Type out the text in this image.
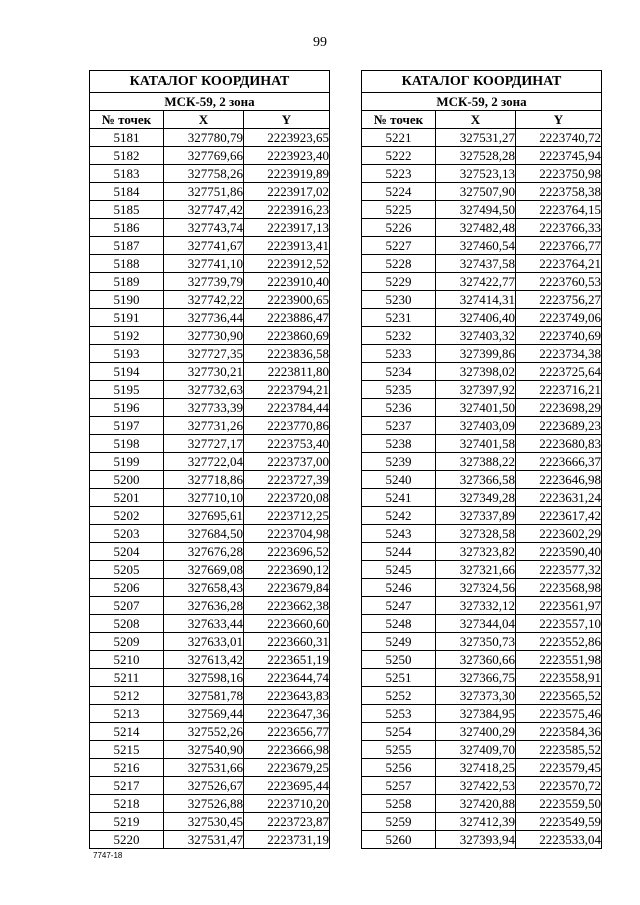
99
КАТАЛОГ КООРДИНАТ		
МСК-59, 2 зона		
№ точек	X	Y
5181	327780,79	2223923,65
5182	327769,66	2223923,40
5183	327758,26	2223919,89
5184	327751,86	2223917,02
5185	327747,42	2223916,23
5186	327743,74	2223917,13
5187	327741,67	2223913,41
5188	327741,10	2223912,52
5189	327739,79	2223910,40
5190	327742,22	2223900,65
5191	327736,44	2223886,47
5192	327730,90	2223860,69
5193	327727,35	2223836,58
5194	327730,21	2223811,80
5195	327732,63	2223794,21
5196	327733,39	2223784,44
5197	327731,26	2223770,86
5198	327727,17	2223753,40
5199	327722,04	2223737,00
5200	327718,86	2223727,39
5201	327710,10	2223720,08
5202	327695,61	2223712,25
5203	327684,50	2223704,98
5204	327676,28	2223696,52
5205	327669,08	2223690,12
5206	327658,43	2223679,84
5207	327636,28	2223662,38
5208	327633,44	2223660,60
5209	327633,01	2223660,31
5210	327613,42	2223651,19
5211	327598,16	2223644,74
5212	327581,78	2223643,83
5213	327569,44	2223647,36
5214	327552,26	2223656,77
5215	327540,90	2223666,98
5216	327531,66	2223679,25
5217	327526,67	2223695,44
5218	327526,88	2223710,20
5219	327530,45	2223723,87
5220	327531,47	2223731,19
КАТАЛОГ КООРДИНАТ		
МСК-59, 2 зона		
№ точек	X	Y
5221	327531,27	2223740,72
5222	327528,28	2223745,94
5223	327523,13	2223750,98
5224	327507,90	2223758,38
5225	327494,50	2223764,15
5226	327482,48	2223766,33
5227	327460,54	2223766,77
5228	327437,58	2223764,21
5229	327422,77	2223760,53
5230	327414,31	2223756,27
5231	327406,40	2223749,06
5232	327403,32	2223740,69
5233	327399,86	2223734,38
5234	327398,02	2223725,64
5235	327397,92	2223716,21
5236	327401,50	2223698,29
5237	327403,09	2223689,23
5238	327401,58	2223680,83
5239	327388,22	2223666,37
5240	327366,58	2223646,98
5241	327349,28	2223631,24
5242	327337,89	2223617,42
5243	327328,58	2223602,29
5244	327323,82	2223590,40
5245	327321,66	2223577,32
5246	327324,56	2223568,98
5247	327332,12	2223561,97
5248	327344,04	2223557,10
5249	327350,73	2223552,86
5250	327360,66	2223551,98
5251	327366,75	2223558,91
5252	327373,30	2223565,52
5253	327384,95	2223575,46
5254	327400,29	2223584,36
5255	327409,70	2223585,52
5256	327418,25	2223579,45
5257	327422,53	2223570,72
5258	327420,88	2223559,50
5259	327412,39	2223549,59
5260	327393,94	2223533,04
7747-18
